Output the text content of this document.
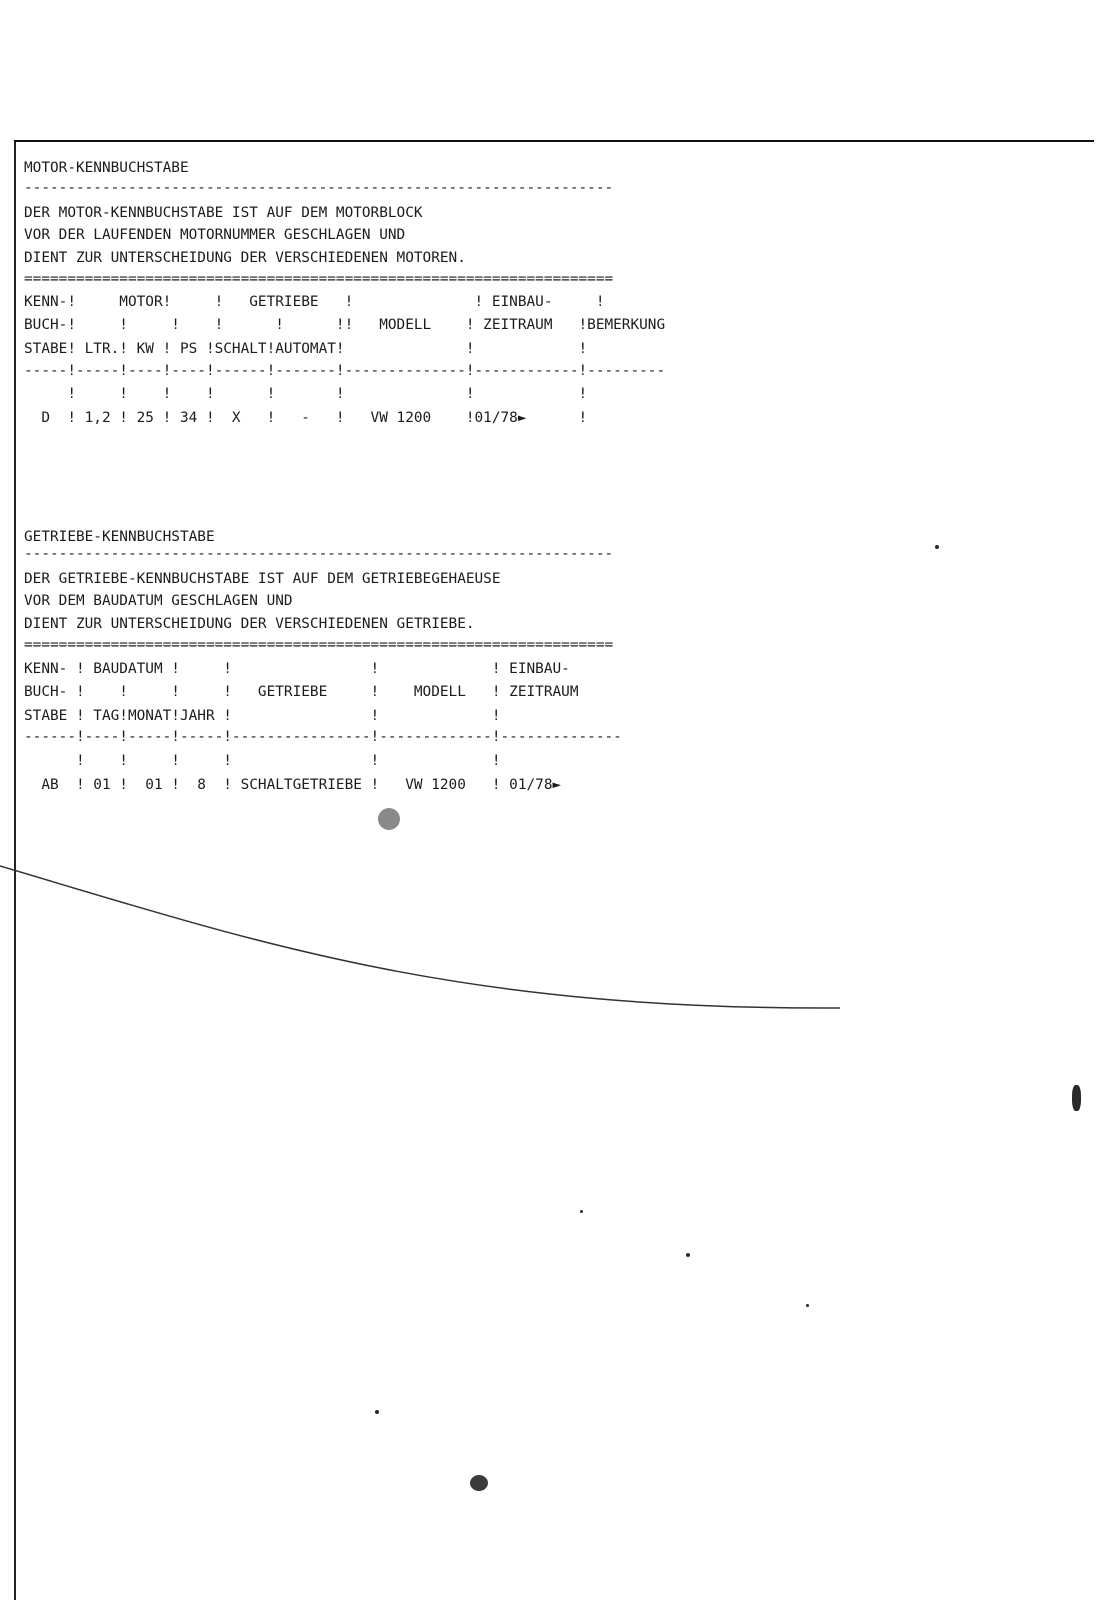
MOTOR-KENNBUCHSTABE

--------------------------------------------------------------------

DER MOTOR-KENNBUCHSTABE IST AUF DEM MOTORBLOCK

VOR DER LAUFENDEN MOTORNUMMER GESCHLAGEN UND

DIENT ZUR UNTERSCHEIDUNG DER VERSCHIEDENEN MOTOREN.

====================================================================

KENN-!     MOTOR!     !   GETRIEBE   !              ! EINBAU-     !

BUCH-!     !     !    !      !      !!   MODELL    ! ZEITRAUM   !BEMERKUNG

STABE! LTR.! KW ! PS !SCHALT!AUTOMAT!              !            !

-----!-----!----!----!------!-------!--------------!------------!---------

!     !    !    !      !       !              !            !

D  ! 1,2 ! 25 ! 34 !  X   !   -   !   VW 1200    !01/78►      !

GETRIEBE-KENNBUCHSTABE

--------------------------------------------------------------------

DER GETRIEBE-KENNBUCHSTABE IST AUF DEM GETRIEBEGEHAEUSE

VOR DEM BAUDATUM GESCHLAGEN UND

DIENT ZUR UNTERSCHEIDUNG DER VERSCHIEDENEN GETRIEBE.

====================================================================

KENN- ! BAUDATUM !     !                !             ! EINBAU-

BUCH- !    !     !     !   GETRIEBE     !    MODELL   ! ZEITRAUM

STABE ! TAG!MONAT!JAHR !                !             !

------!----!-----!-----!----------------!-------------!--------------

!    !     !     !                !             !

AB  ! 01 !  01 !  8  ! SCHALTGETRIEBE !   VW 1200   ! 01/78►
